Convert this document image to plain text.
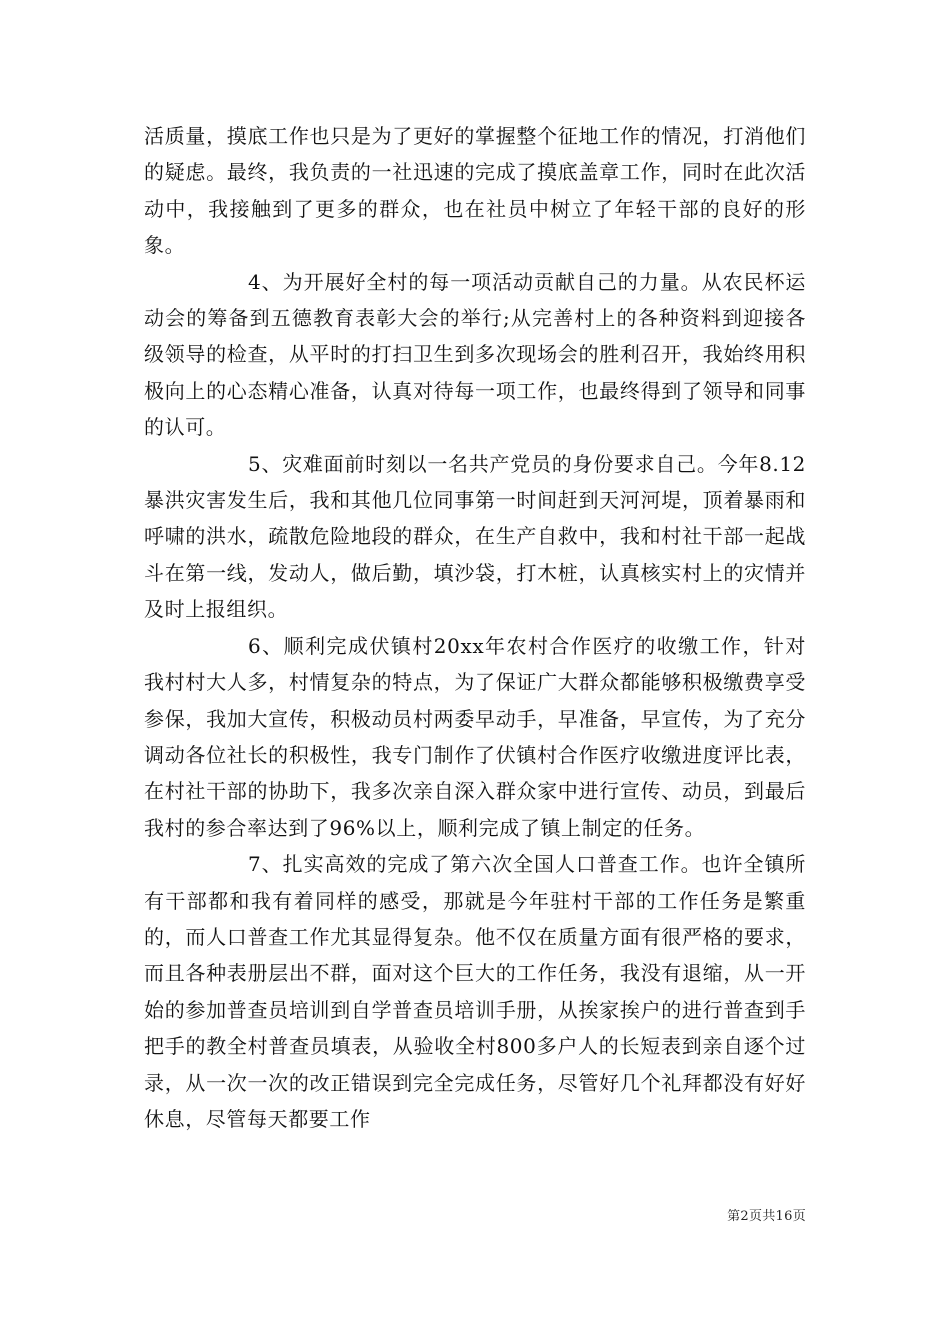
活质量，摸底工作也只是为了更好的掌握整个征地工作的情况，打消他们的疑虑。最终，我负责的一社迅速的完成了摸底盖章工作，同时在此次活动中，我接触到了更多的群众，也在社员中树立了年轻干部的良好的形象。

4、为开展好全村的每一项活动贡献自己的力量。从农民杯运动会的筹备到五德教育表彰大会的举行;从完善村上的各种资料到迎接各级领导的检查，从平时的打扫卫生到多次现场会的胜利召开，我始终用积极向上的心态精心准备，认真对待每一项工作，也最终得到了领导和同事的认可。

5、灾难面前时刻以一名共产党员的身份要求自己。今年8.12暴洪灾害发生后，我和其他几位同事第一时间赶到天河河堤，顶着暴雨和呼啸的洪水，疏散危险地段的群众，在生产自救中，我和村社干部一起战斗在第一线，发动人，做后勤，填沙袋，打木桩，认真核实村上的灾情并及时上报组织。

6、顺利完成伏镇村20xx年农村合作医疗的收缴工作，针对我村村大人多，村情复杂的特点，为了保证广大群众都能够积极缴费享受参保，我加大宣传，积极动员村两委早动手，早准备，早宣传，为了充分调动各位社长的积极性，我专门制作了伏镇村合作医疗收缴进度评比表，在村社干部的协助下，我多次亲自深入群众家中进行宣传、动员，到最后我村的参合率达到了96%以上，顺利完成了镇上制定的任务。

7、扎实高效的完成了第六次全国人口普查工作。也许全镇所有干部都和我有着同样的感受，那就是今年驻村干部的工作任务是繁重的，而人口普查工作尤其显得复杂。他不仅在质量方面有很严格的要求，而且各种表册层出不群，面对这个巨大的工作任务，我没有退缩，从一开始的参加普查员培训到自学普查员培训手册，从挨家挨户的进行普查到手把手的教全村普查员填表，从验收全村800多户人的长短表到亲自逐个过录，从一次一次的改正错误到完全完成任务，尽管好几个礼拜都没有好好休息，尽管每天都要工作

第2页共16页
